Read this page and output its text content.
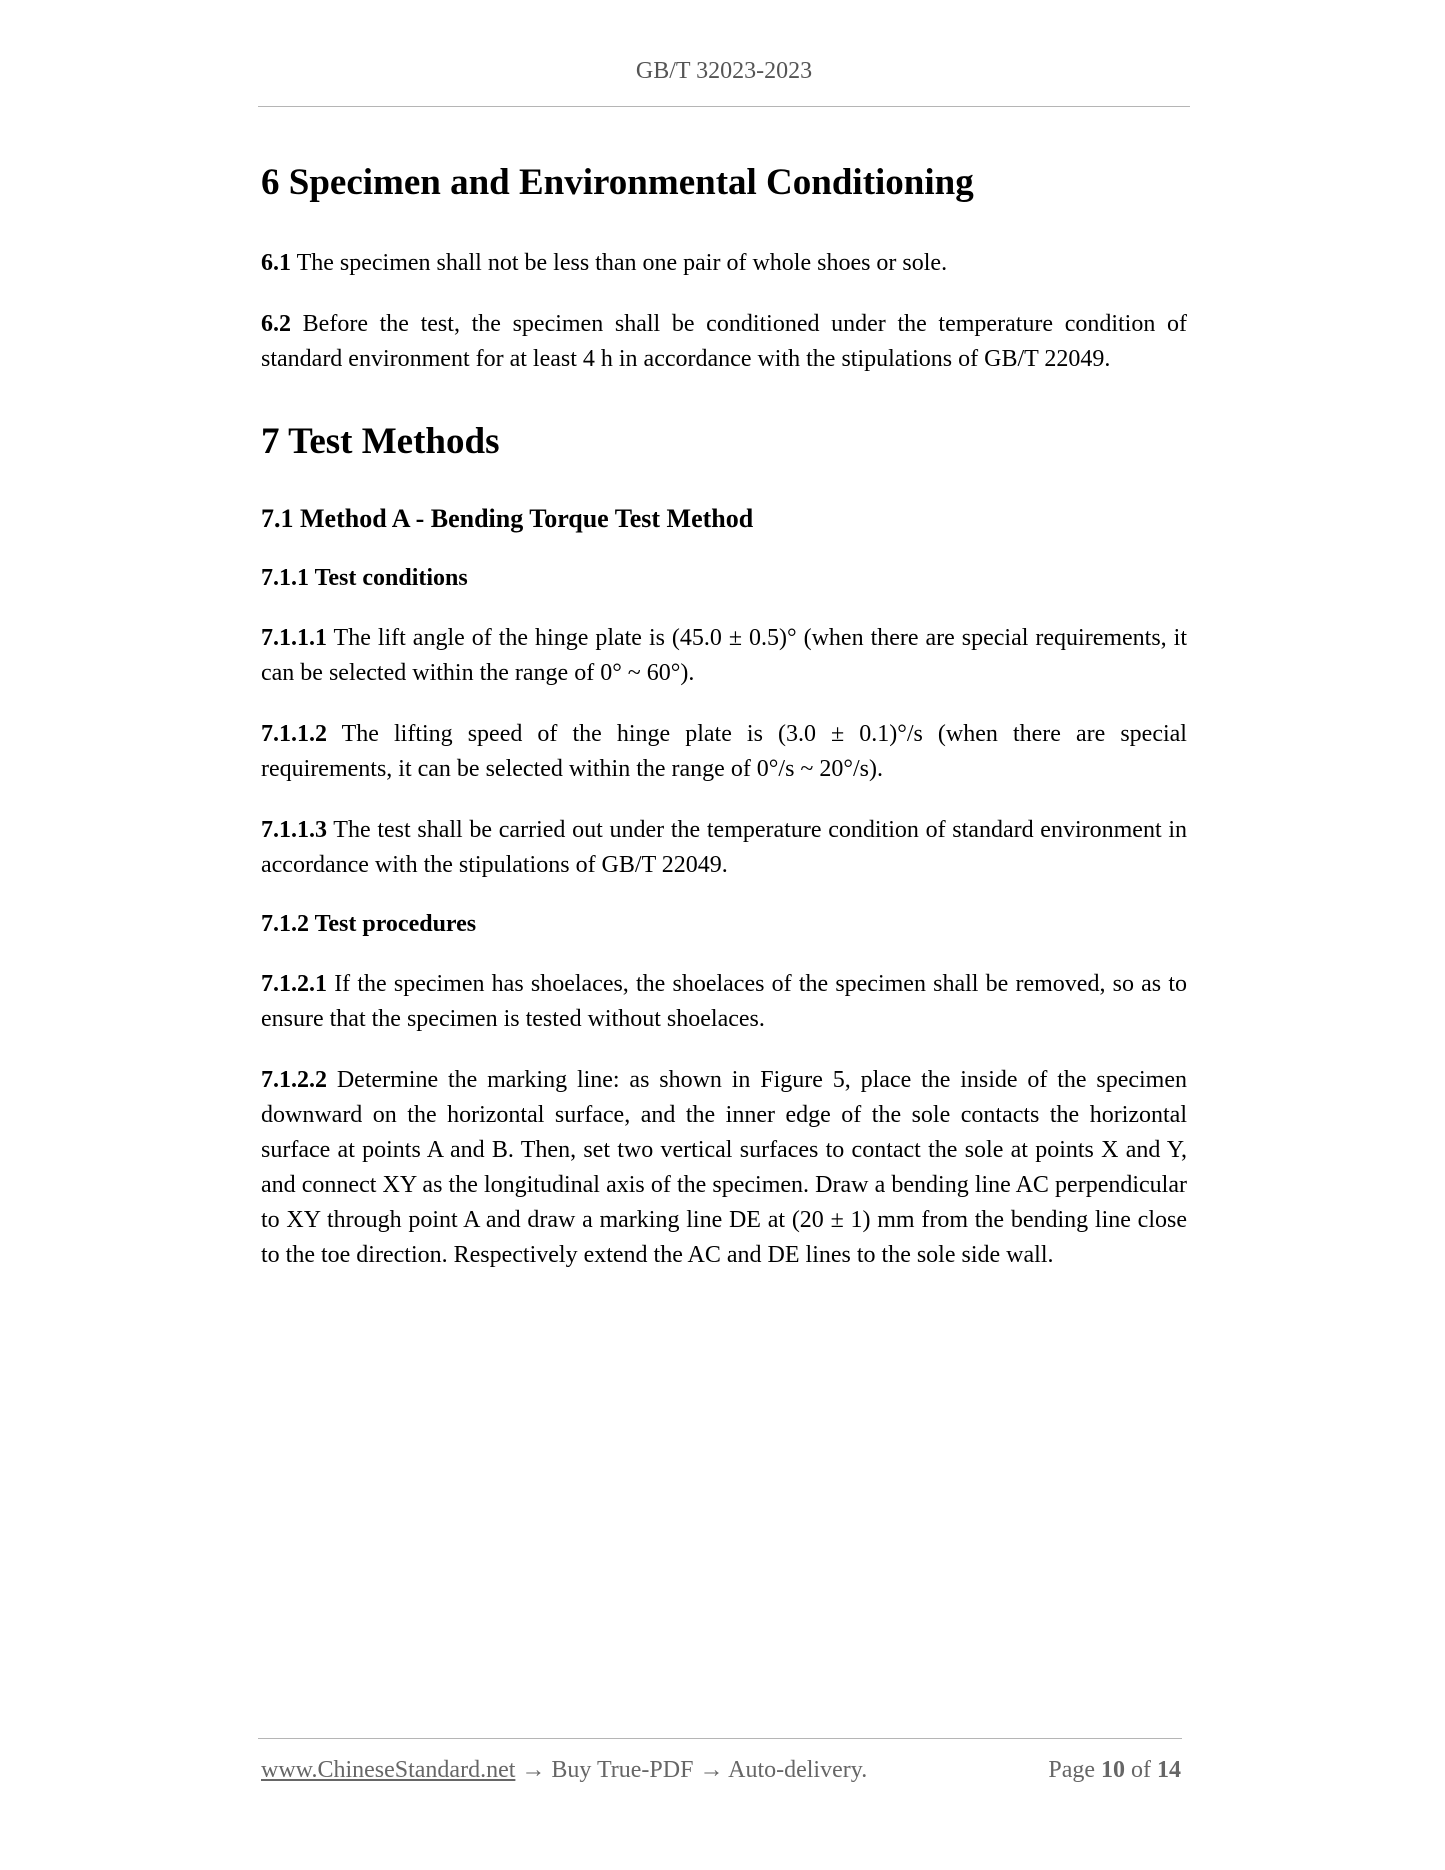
GB/T 32023-2023
6 Specimen and Environmental Conditioning

6.1 The specimen shall not be less than one pair of whole shoes or sole.

6.2 Before the test, the specimen shall be conditioned under the temperature condition of standard environment for at least 4 h in accordance with the stipulations of GB/T 22049.

7 Test Methods
7.1 Method A - Bending Torque Test Method
7.1.1 Test conditions

7.1.1.1 The lift angle of the hinge plate is (45.0 ± 0.5)° (when there are special requirements, it can be selected within the range of 0° ~ 60°).

7.1.1.2 The lifting speed of the hinge plate is (3.0 ± 0.1)°/s (when there are special requirements, it can be selected within the range of 0°/s ~ 20°/s).

7.1.1.3 The test shall be carried out under the temperature condition of standard environment in accordance with the stipulations of GB/T 22049.

7.1.2 Test procedures

7.1.2.1 If the specimen has shoelaces, the shoelaces of the specimen shall be removed, so as to ensure that the specimen is tested without shoelaces.

7.1.2.2 Determine the marking line: as shown in Figure 5, place the inside of the specimen downward on the horizontal surface, and the inner edge of the sole contacts the horizontal surface at points A and B. Then, set two vertical surfaces to contact the sole at points X and Y, and connect XY as the longitudinal axis of the specimen. Draw a bending line AC perpendicular to XY through point A and draw a marking line DE at (20 ± 1) mm from the bending line close to the toe direction. Respectively extend the AC and DE lines to the sole side wall.

www.ChineseStandard.net → Buy True-PDF → Auto-delivery.	Page 10 of 14
